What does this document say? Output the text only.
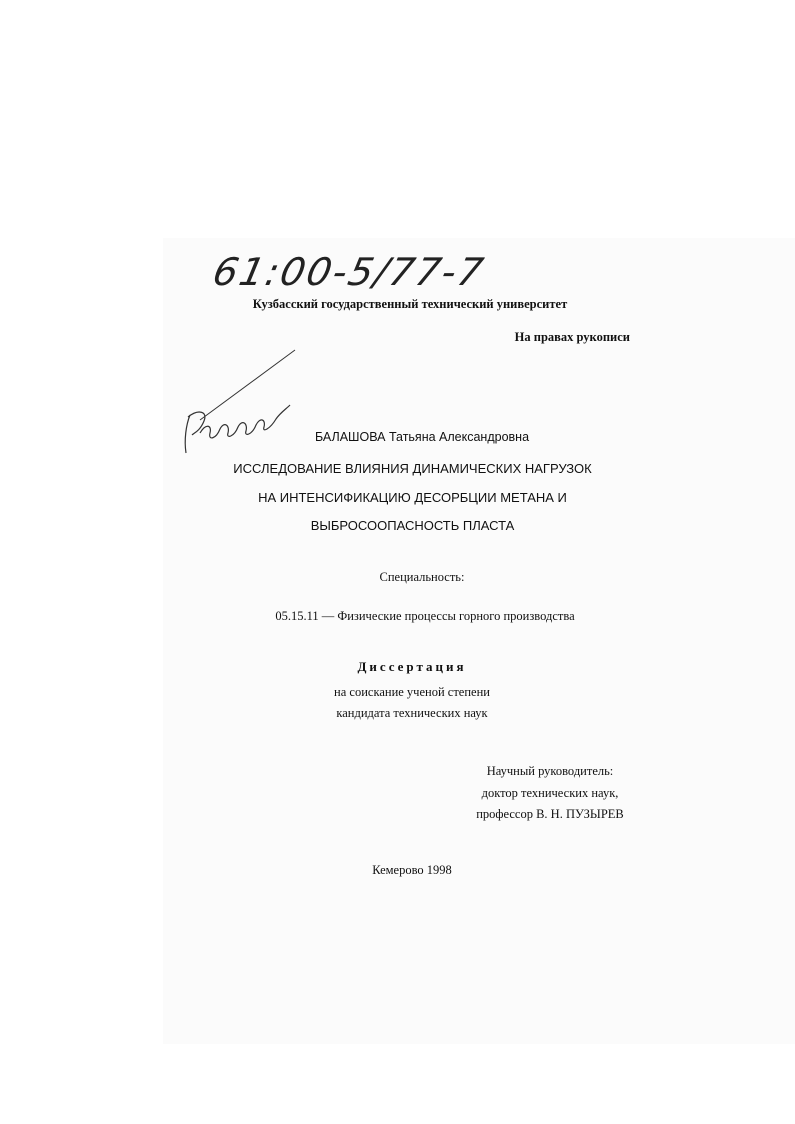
61:00-5/77-7
Кузбасский государственный технический университет
На правах рукописи
БАЛАШОВА Татьяна Александровна
ИССЛЕДОВАНИЕ ВЛИЯНИЯ ДИНАМИЧЕСКИХ НАГРУЗОК
НА ИНТЕНСИФИКАЦИЮ ДЕСОРБЦИИ МЕТАНА И
ВЫБРОСООПАСНОСТЬ ПЛАСТА
Специальность:
05.15.11 — Физические процессы горного производства
Диссертация
на соискание ученой степени
кандидата технических наук
Научный руководитель:
доктор технических наук,
профессор В. Н. ПУЗЫРЕВ
Кемерово 1998
